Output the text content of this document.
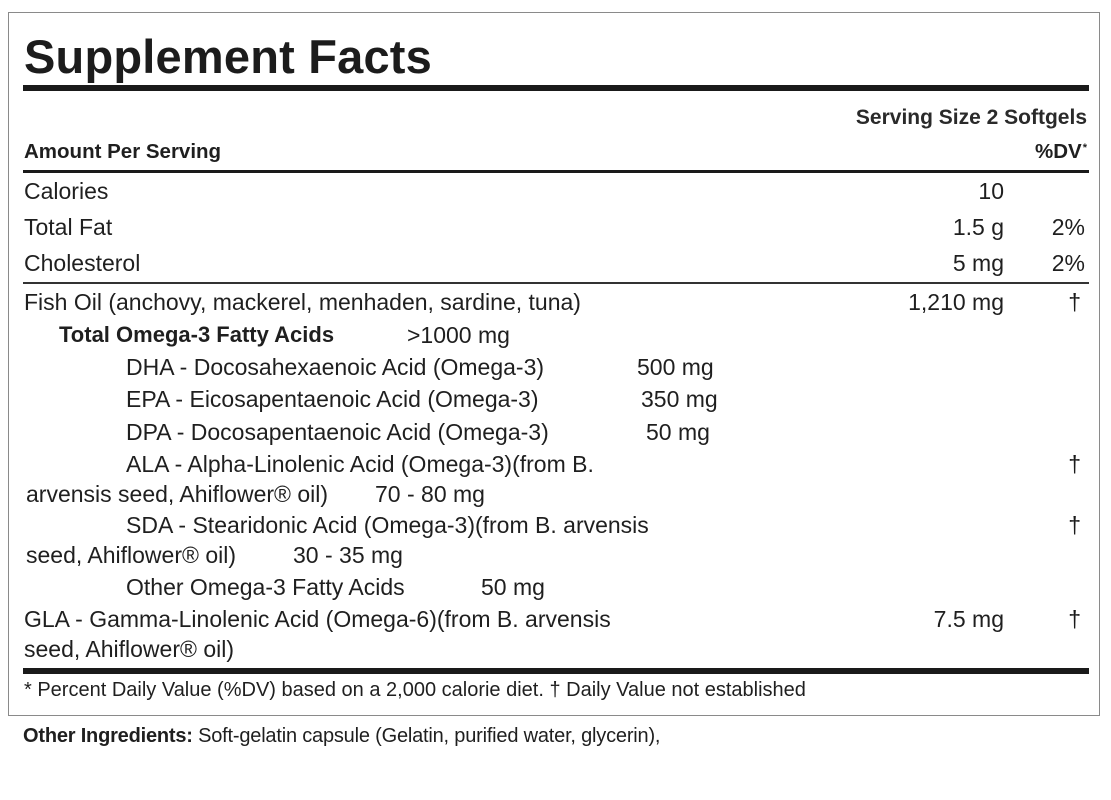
Supplement Facts
Serving Size 2 Softgels
Amount Per Serving	%DV*
Calories	10
Total Fat	1.5 g 2%
Cholesterol	5 mg 2%
Fish Oil (anchovy, mackerel, menhaden, sardine, tuna)	1,210 mg	†
Total Omega-3 Fatty Acids	>1000 mg
DHA - Docosahexaenoic Acid (Omega-3)	500 mg
EPA - Eicosapentaenoic Acid (Omega-3)	350 mg
DPA - Docosapentaenoic Acid (Omega-3)	50 mg
ALA - Alpha-Linolenic Acid (Omega-3)(from B.	†
arvensis seed, Ahiflower® oil) 70 - 80 mg
SDA - Stearidonic Acid (Omega-3)(from B. arvensis	†
seed, Ahiflower® oil) 30 - 35 mg
Other Omega-3 Fatty Acids	50 mg
GLA - Gamma-Linolenic Acid (Omega-6)(from B. arvensis	7.5 mg	†
seed, Ahiflower® oil)
* Percent Daily Value (%DV) based on a 2,000 calorie diet. † Daily Value not established
Other Ingredients: Soft-gelatin capsule (Gelatin, purified water, glycerin),
